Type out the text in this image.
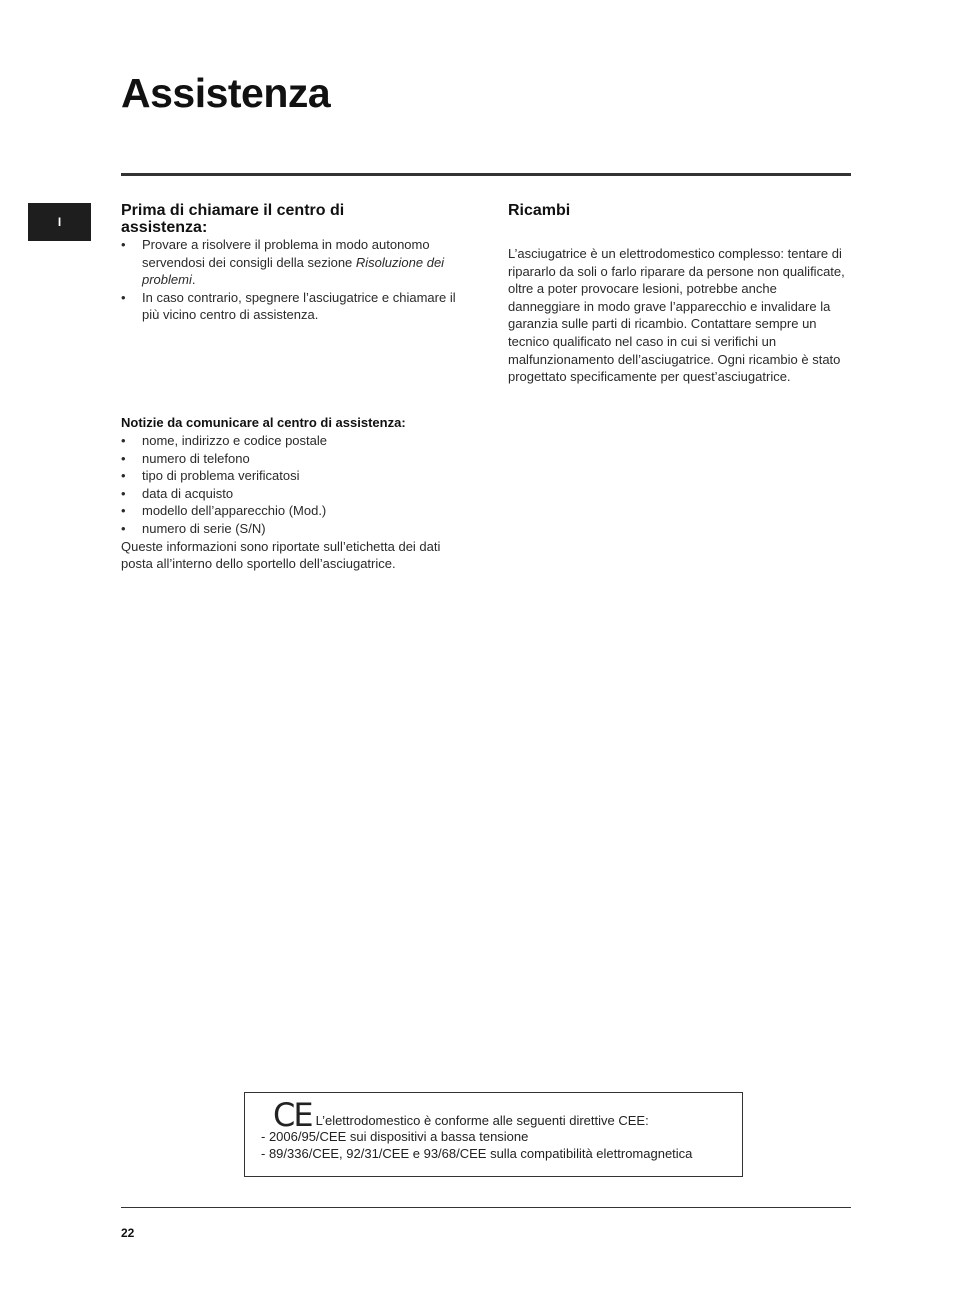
Assistenza
I
Prima di chiamare il centro di
assistenza:
• Provare a risolvere il problema in modo autonomo servendosi dei consigli della sezione Risoluzione dei problemi.
• In caso contrario, spegnere l’asciugatrice e chiamare il più vicino centro di assistenza.
Notizie da comunicare al centro di assistenza:
• nome, indirizzo e codice postale
• numero di telefono
• tipo di problema verificatosi
• data di acquisto
• modello dell’apparecchio (Mod.)
• numero di serie (S/N)

Queste informazioni sono riportate sull’etichetta dei dati posta all’interno dello sportello dell’asciugatrice.

Ricambi

L’asciugatrice è un elettrodomestico complesso: tentare di ripararlo da soli o farlo riparare da persone non qualificate, oltre a poter provocare lesioni, potrebbe anche danneggiare in modo grave l’apparecchio e invalidare la garanzia sulle parti di ricambio. Contattare sempre un tecnico qualificato nel caso in cui si verifichi un malfunzionamento dell’asciugatrice. Ogni ricambio è stato progettato specificamente per quest’asciugatrice.

CE L’elettrodomestico è conforme alle seguenti direttive CEE:
- 2006/95/CEE sui dispositivi a bassa tensione
- 89/336/CEE, 92/31/CEE e 93/68/CEE sulla compatibilità elettromagnetica
22
